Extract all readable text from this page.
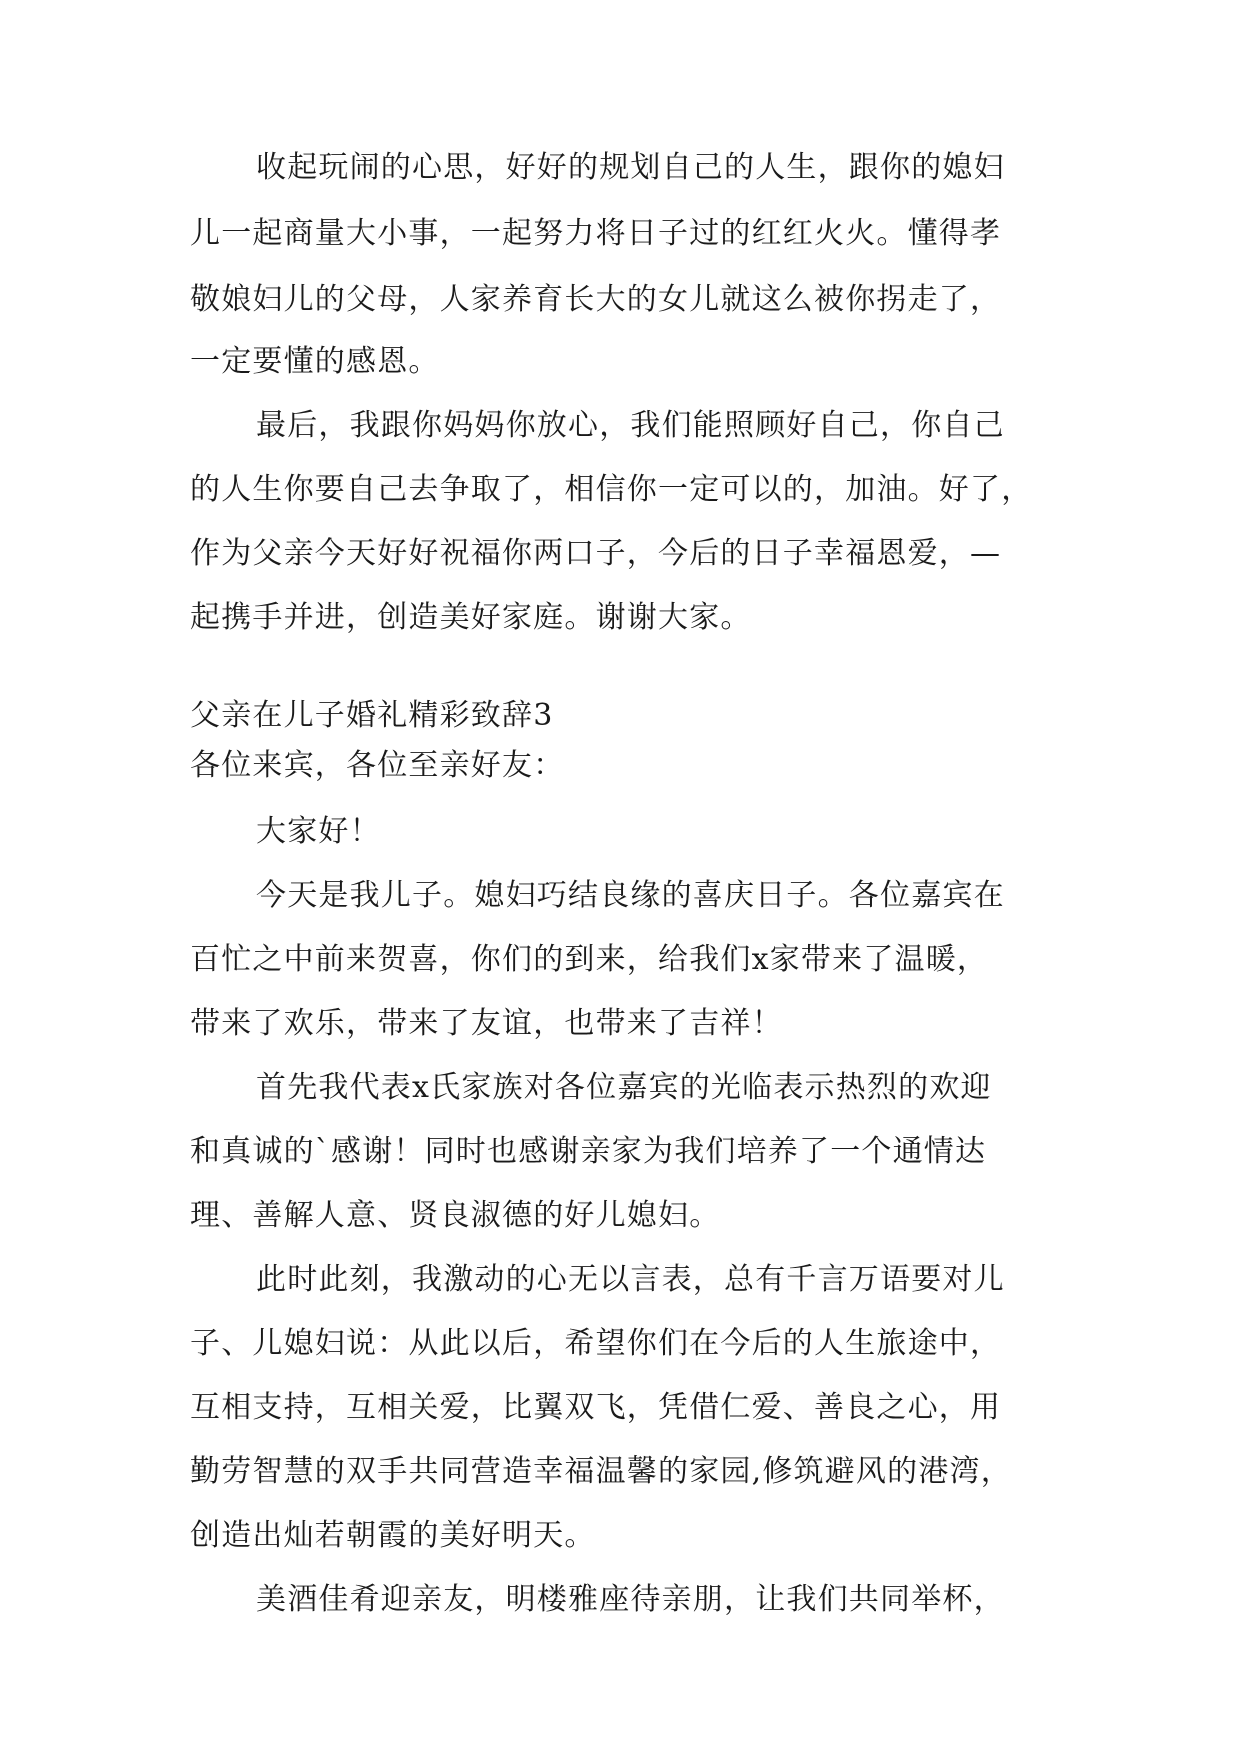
收起玩闹的心思，好好的规划自己的人生，跟你的媳妇
儿一起商量大小事，一起努力将日子过的红红火火。懂得孝
敬娘妇儿的父母，人家养育长大的女儿就这么被你拐走了，
一定要懂的感恩。
最后，我跟你妈妈你放心，我们能照顾好自己，你自己
的人生你要自己去争取了，相信你一定可以的，加油。好了，
作为父亲今天好好祝福你两口子，今后的日子幸福恩爱，—
起携手并进，创造美好家庭。谢谢大家。
父亲在儿子婚礼精彩致辞3
各位来宾，各位至亲好友：
大家好！
今天是我儿子。媳妇巧结良缘的喜庆日子。各位嘉宾在
百忙之中前来贺喜，你们的到来，给我们x家带来了温暖，
带来了欢乐，带来了友谊，也带来了吉祥！
首先我代表x氏家族对各位嘉宾的光临表示热烈的欢迎
和真诚的`感谢！同时也感谢亲家为我们培养了一个通情达
理、善解人意、贤良淑德的好儿媳妇。
此时此刻，我激动的心无以言表，总有千言万语要对儿
子、儿媳妇说：从此以后，希望你们在今后的人生旅途中，
互相支持，互相关爱，比翼双飞，凭借仁爱、善良之心，用
勤劳智慧的双手共同营造幸福温馨的家园,修筑避风的港湾，
创造出灿若朝霞的美好明天。
美酒佳肴迎亲友，明楼雅座待亲朋，让我们共同举杯，
